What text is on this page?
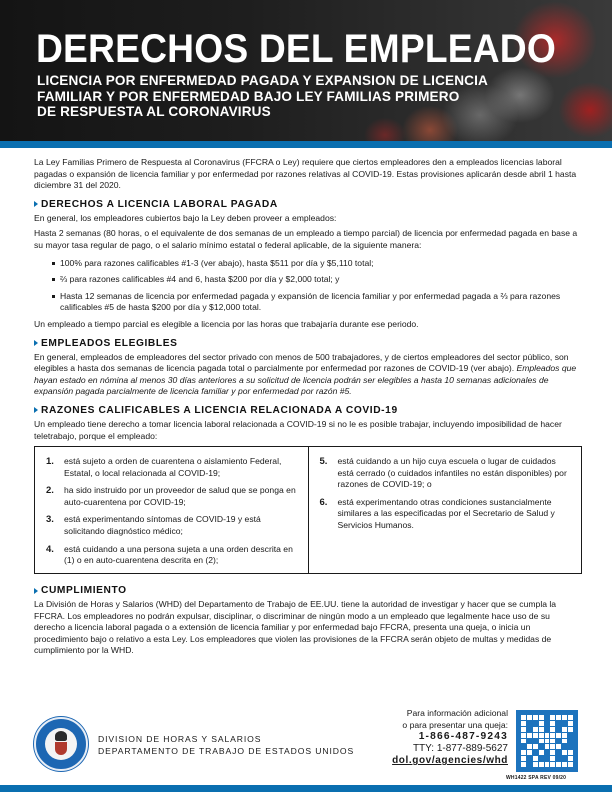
DERECHOS DEL EMPLEADO
LICENCIA POR ENFERMEDAD PAGADA Y EXPANSION DE LICENCIA
FAMILIAR Y POR ENFERMEDAD BAJO LEY FAMILIAS PRIMERO
DE RESPUESTA AL CORONAVIRUS

La Ley Familias Primero de Respuesta al Coronavirus (FFCRA o Ley) requiere que ciertos empleadores den a empleados licencias laboral pagadas o expansión de licencia familiar y por enfermedad por razones relativas al COVID-19. Estas provisiones aplicarán desde abril 1 hasta diciembre 31 del 2020.

DERECHOS A LICENCIA LABORAL PAGADA

En general, los empleadores cubiertos bajo la Ley deben proveer a empleados:

Hasta 2 semanas (80 horas, o el equivalente de dos semanas de un empleado a tiempo parcial) de licencia por enfermedad pagada en base a su mayor tasa regular de pago, o el salario mínimo estatal o federal aplicable, de la siguiente manera:

100% para razones calificables #1-3 (ver abajo), hasta $511 por día y $5,110 total;
⅔ para razones calificables #4 and 6, hasta $200 por día y $2,000 total; y
Hasta 12 semanas de licencia por enfermedad pagada y expansión de licencia familiar y por enfermedad pagada a ⅔ para razones calificables #5 de hasta $200 por día y $12,000 total.

Un empleado a tiempo parcial es elegible a licencia por las horas que trabajaría durante ese periodo.

EMPLEADOS ELEGIBLES

En general, empleados de empleadores del sector privado con menos de 500 trabajadores, y de ciertos empleadores del sector público, son elegibles a hasta dos semanas de licencia pagada total o parcialmente por enfermedad por razones de COVID-19 (ver abajo). Empleados que hayan estado en nómina al menos 30 días anteriores a su solicitud de licencia podrán ser elegibles a hasta 10 semanas adicionales de expansión pagada parcialmente de licencia familiar y por enfermedad por razón #5.

RAZONES CALIFICABLES A LICENCIA RELACIONADA A COVID-19

Un empleado tiene derecho a tomar licencia laboral relacionada a COVID-19 si no le es posible trabajar, incluyendo imposibilidad de hacer teletrabajo, porque el empleado:

1.	está sujeto a orden de cuarentena o aislamiento Federal, Estatal, o local relacionada al COVID-19;
2.	ha sido instruido por un proveedor de salud que se ponga en auto-cuarentena por COVID-19;
3.	está experimentando síntomas de COVID-19 y está solicitando diagnóstico médico;
4.	está cuidando a una persona sujeta a una orden descrita en (1) o en auto-cuarentena descrita en (2);
5.	está cuidando a un hijo cuya escuela o lugar de cuidados está cerrado (o cuidados infantiles no están disponibles) por razones de COVID-19; o
6.	está experimentando otras condiciones sustancialmente similares a las especificadas por el Secretario de Salud y Servicios Humanos.
CUMPLIMIENTO

La División de Horas y Salarios (WHD) del Departamento de Trabajo de EE.UU. tiene la autoridad de investigar y hacer que se cumpla la FFCRA. Los empleadores no podrán expulsar, disciplinar, o discriminar de ningún modo a un empleado que legalmente hace uso de su derecho a licencia laboral pagada o a extensión de licencia familiar y por enfermedad bajo FFCRA, presenta una queja, o inicia un procedimiento bajo o relativo a esta Ley. Los empleadores que violen las provisiones de la FFCRA serán objeto de multas y medidas de cumplimiento por la WHD.

DIVISION DE HORAS Y SALARIOS
DEPARTAMENTO DE TRABAJO DE ESTADOS UNIDOS
Para información adicional
o para presentar una queja:
1-866-487-9243
TTY: 1-877-889-5627
dol.gov/agencies/whd
WH1422 SPA REV 09/20
